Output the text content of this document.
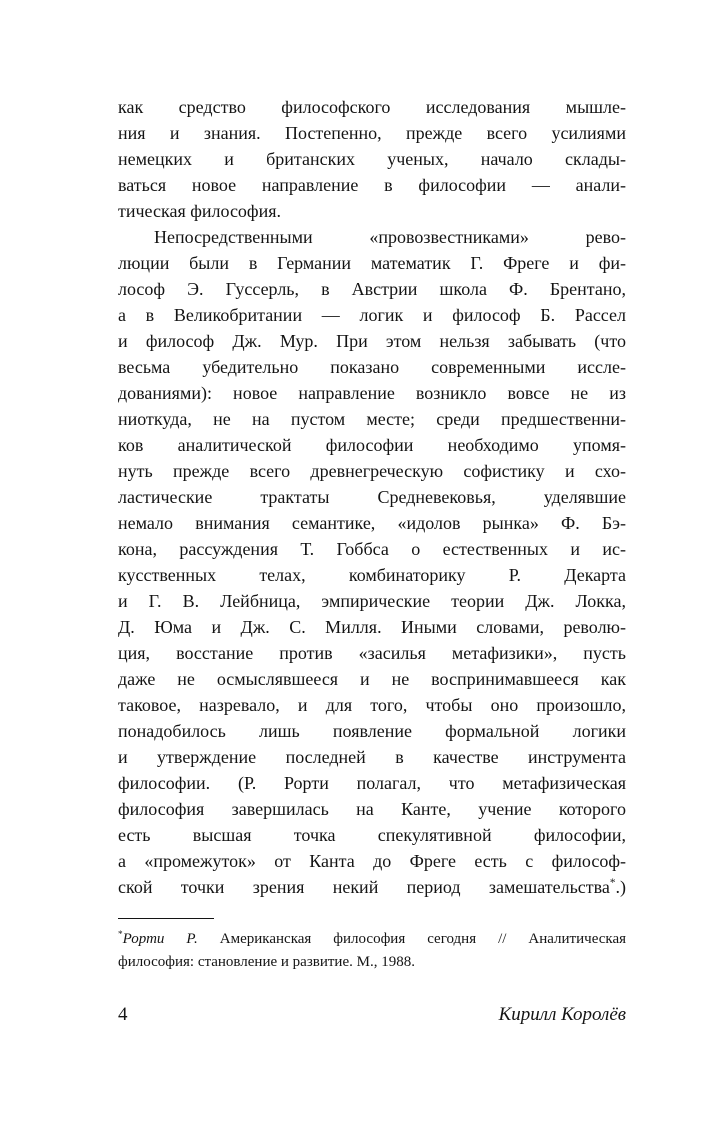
как средство философского исследования мышле-
ния и знания. Постепенно, прежде всего усилиями
немецких и британских ученых, начало склады-
ваться новое направление в философии — анали-
тическая философия.
Непосредственными «провозвестниками» рево-
люции были в Германии математик Г. Фреге и фи-
лософ Э. Гуссерль, в Австрии школа Ф. Брентано,
а в Великобритании — логик и философ Б. Рассел
и философ Дж. Мур. При этом нельзя забывать (что
весьма убедительно показано современными иссле-
дованиями): новое направление возникло вовсе не из
ниоткуда, не на пустом месте; среди предшественни-
ков аналитической философии необходимо упомя-
нуть прежде всего древнегреческую софистику и схо-
ластические трактаты Средневековья, уделявшие
немало внимания семантике, «идолов рынка» Ф. Бэ-
кона, рассуждения Т. Гоббса о естественных и ис-
кусственных телах, комбинаторику Р. Декарта
и Г. В. Лейбница, эмпирические теории Дж. Локка,
Д. Юма и Дж. С. Милля. Иными словами, револю-
ция, восстание против «засилья метафизики», пусть
даже не осмыслявшееся и не воспринимавшееся как
таковое, назревало, и для того, чтобы оно произошло,
понадобилось лишь появление формальной логики
и утверждение последней в качестве инструмента
философии. (Р. Рорти полагал, что метафизическая
философия завершилась на Канте, учение которого
есть высшая точка спекулятивной философии,
а «промежуток» от Канта до Фреге есть с философ-
ской точки зрения некий период замешательства*.)
*Рорти Р. Американская философия сегодня // Аналитическая
философия: становление и развитие. М., 1988.
4	Кирилл Королёв
